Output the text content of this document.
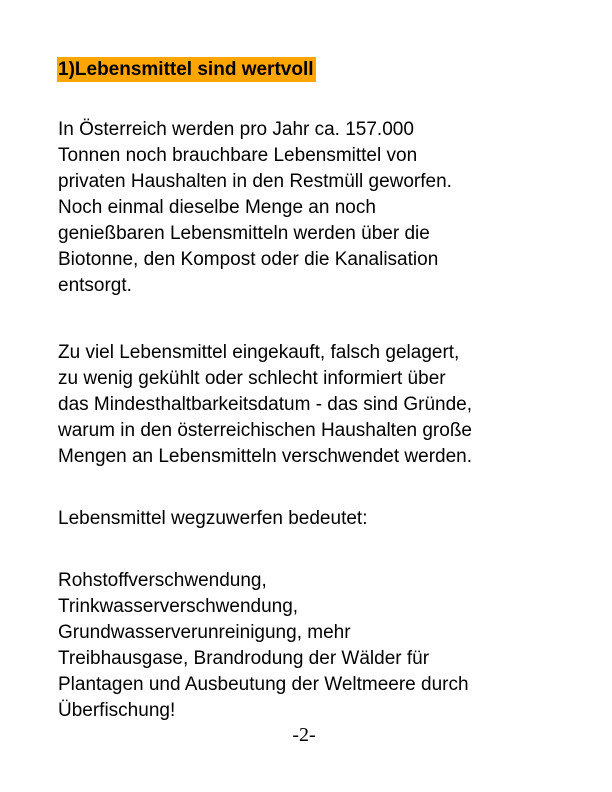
1)Lebensmittel sind wertvoll

In Österreich werden pro Jahr ca. 157.000
Tonnen noch brauchbare Lebensmittel von
privaten Haushalten in den Restmüll geworfen.
Noch einmal dieselbe Menge an noch
genießbaren Lebensmitteln werden über die
Biotonne, den Kompost oder die Kanalisation
entsorgt.

Zu viel Lebensmittel eingekauft, falsch gelagert,
zu wenig gekühlt oder schlecht informiert über
das Mindesthaltbarkeitsdatum - das sind Gründe,
warum in den österreichischen Haushalten große
Mengen an Lebensmitteln verschwendet werden.

Lebensmittel wegzuwerfen bedeutet:

Rohstoffverschwendung,
Trinkwasserverschwendung,
Grundwasserverunreinigung, mehr
Treibhausgase, Brandrodung der Wälder für
Plantagen und Ausbeutung der Weltmeere durch
Überfischung!

-2-
